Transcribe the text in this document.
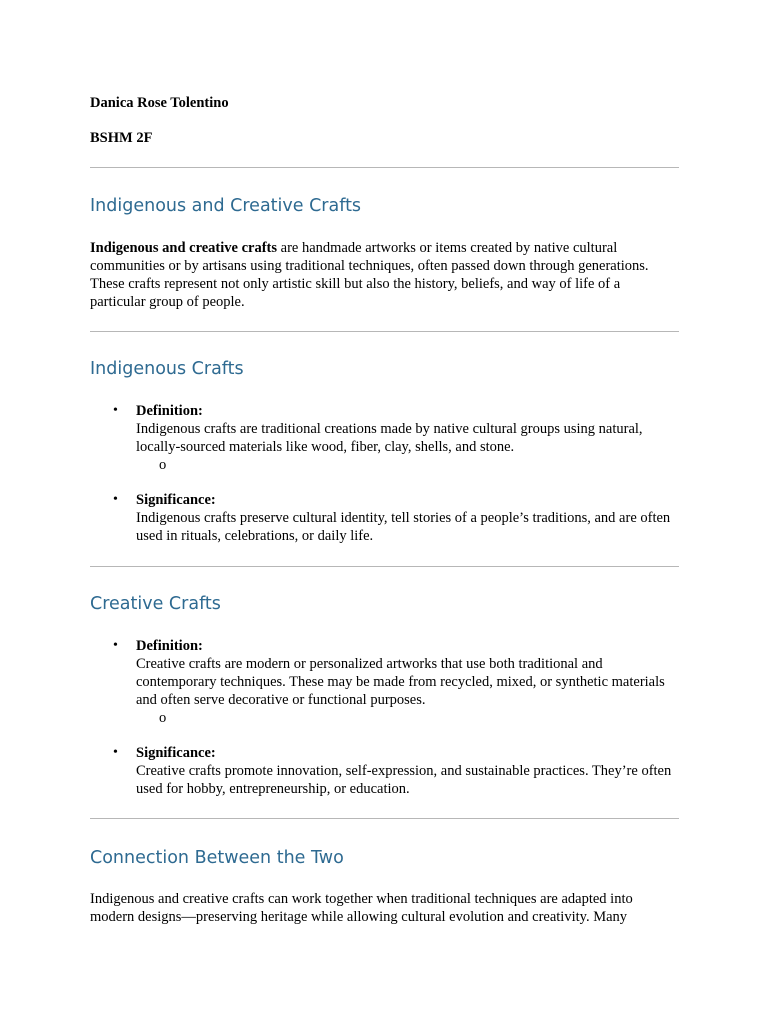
Danica Rose Tolentino
BSHM 2F
Indigenous and Creative Crafts

Indigenous and creative crafts are handmade artworks or items created by native cultural communities or by artisans using traditional techniques, often passed down through generations. These crafts represent not only artistic skill but also the history, beliefs, and way of life of a particular group of people.

Indigenous Crafts
• Definition:
Indigenous crafts are traditional creations made by native cultural groups using natural, locally-sourced materials like wood, fiber, clay, shells, and stone.
o
• Significance:
Indigenous crafts preserve cultural identity, tell stories of a people’s traditions, and are often used in rituals, celebrations, or daily life.
Creative Crafts
• Definition:
Creative crafts are modern or personalized artworks that use both traditional and contemporary techniques. These may be made from recycled, mixed, or synthetic materials and often serve decorative or functional purposes.
o
• Significance:
Creative crafts promote innovation, self-expression, and sustainable practices. They’re often used for hobby, entrepreneurship, or education.
Connection Between the Two

Indigenous and creative crafts can work together when traditional techniques are adapted into modern designs—preserving heritage while allowing cultural evolution and creativity. Many
